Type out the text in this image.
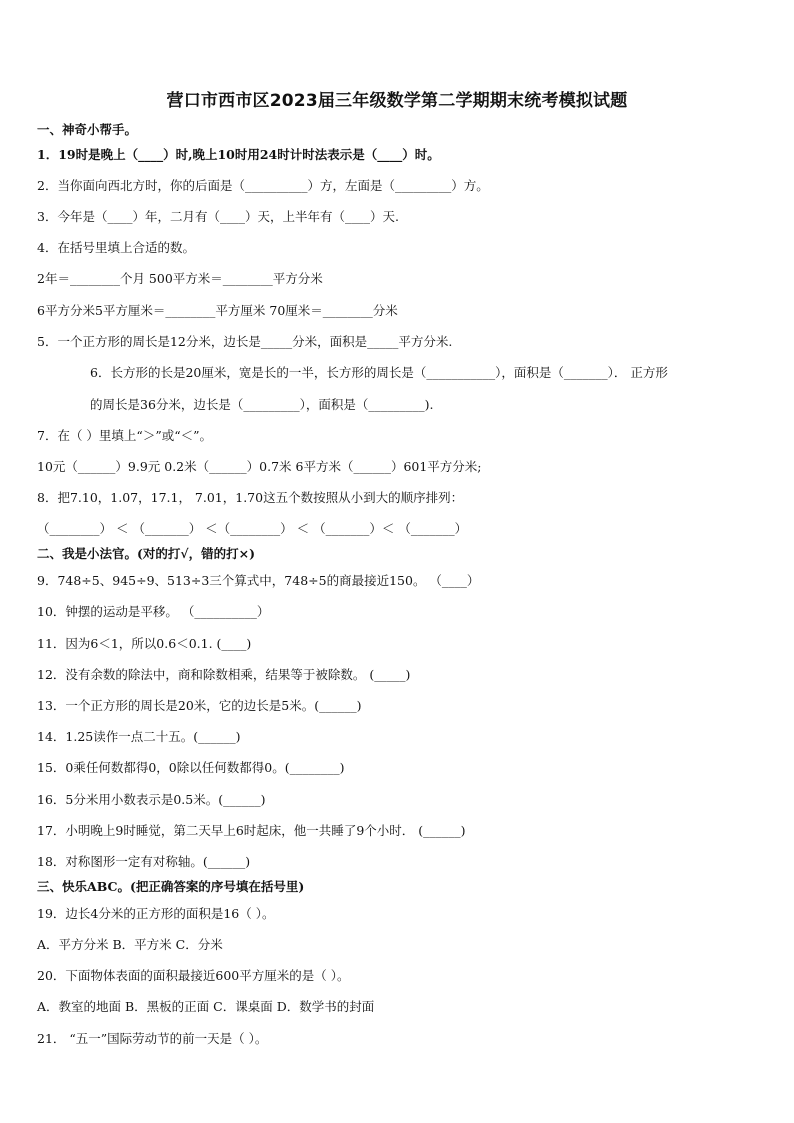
营口市西市区2023届三年级数学第二学期期末统考模拟试题
一、神奇小帮手。
1．19时是晚上（____）时,晚上10时用24时计时法表示是（____）时。
2．当你面向西北方时，你的后面是（__________）方，左面是（_________）方。
3．今年是（____）年，二月有（____）天，上半年有（____）天.
4．在括号里填上合适的数。
2年＝________个月 500平方米＝________平方分米
6平方分米5平方厘米＝________平方厘米 70厘米＝________分米
5．一个正方形的周长是12分米，边长是_____分米，面积是_____平方分米.
6．长方形的长是20厘米，宽是长的一半，长方形的周长是（___________），面积是（_______）． 正方形
的周长是36分米，边长是（_________），面积是（_________).
7．在（ ）里填上“＞”或“＜”。
10元（______）9.9元 0.2米（______）0.7米 6平方米（______）601平方分米;
8．把7.10，1.07，17.1， 7.01，1.70这五个数按照从小到大的顺序排列：
（________） ＜ （_______） ＜（________） ＜ （_______）＜ （_______）
二、我是小法官。(对的打√，错的打×)
9．748÷5、945÷9、513÷3三个算式中，748÷5的商最接近150。 （____）
10．钟摆的运动是平移。 （__________）
11．因为6＜1，所以0.6＜0.1. (____)
12．没有余数的除法中，商和除数相乘，结果等于被除数。 (_____)
13．一个正方形的周长是20米，它的边长是5米。(______)
14．1.25读作一点二十五。(______)
15．0乘任何数都得0，0除以任何数都得0。(________)
16．5分米用小数表示是0.5米。(______)
17．小明晚上9时睡觉，第二天早上6时起床，他一共睡了9个小时． (______)
18．对称图形一定有对称轴。(______)
三、快乐ABC。(把正确答案的序号填在括号里)
19．边长4分米的正方形的面积是16（ ）。
A．平方分米 B．平方米 C．分米
20．下面物体表面的面积最接近600平方厘米的是（ ）。
A．教室的地面 B．黑板的正面 C．课桌面 D．数学书的封面
21． “五一”国际劳动节的前一天是（ ）。
